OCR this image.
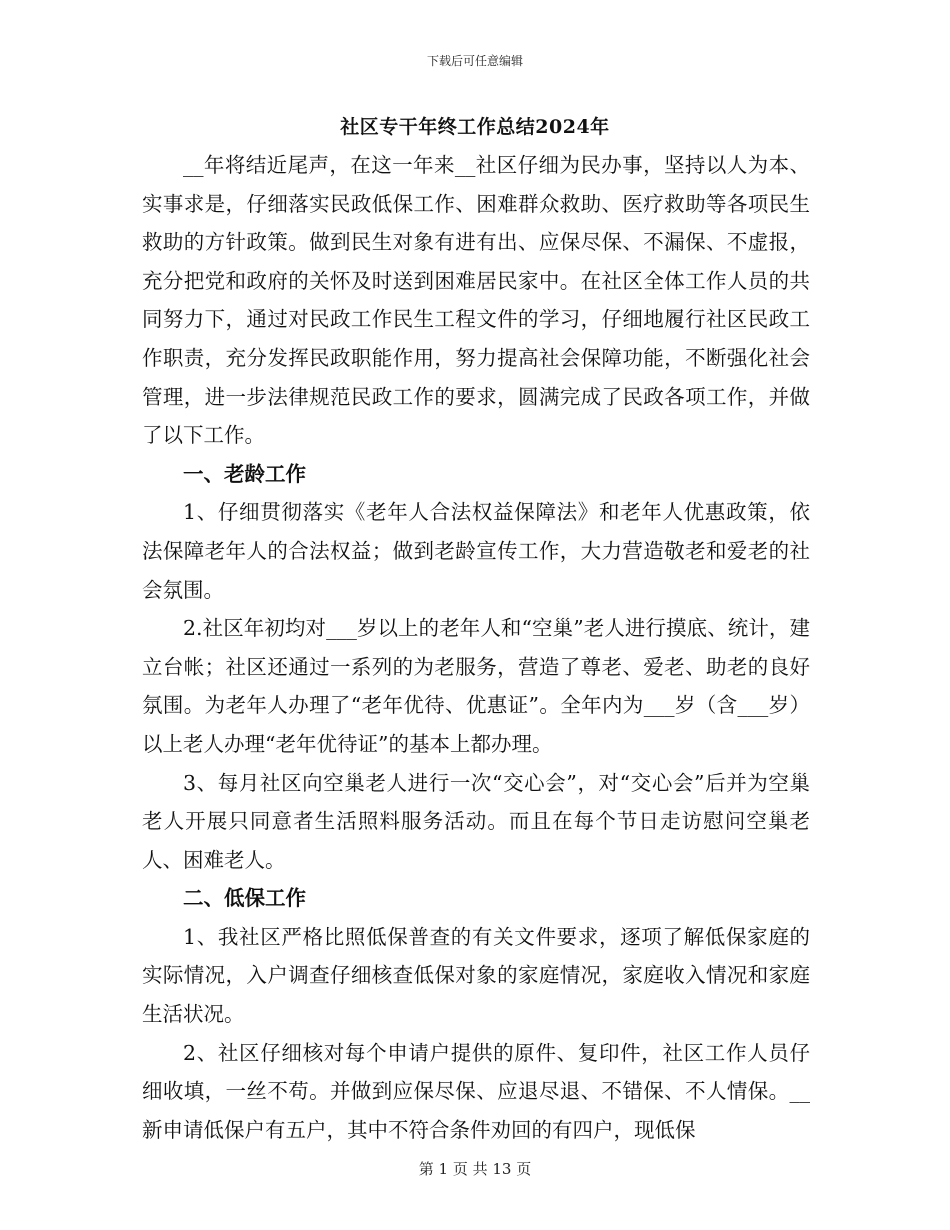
下载后可任意编辑
社区专干年终工作总结2024年

__年将结近尾声，在这一年来__社区仔细为民办事，坚持以人为本、实事求是，仔细落实民政低保工作、困难群众救助、医疗救助等各项民生救助的方针政策。做到民生对象有进有出、应保尽保、不漏保、不虚报，充分把党和政府的关怀及时送到困难居民家中。在社区全体工作人员的共同努力下，通过对民政工作民生工程文件的学习，仔细地履行社区民政工作职责，充分发挥民政职能作用，努力提高社会保障功能，不断强化社会管理，进一步法律规范民政工作的要求，圆满完成了民政各项工作，并做了以下工作。

一、老龄工作

1、仔细贯彻落实《老年人合法权益保障法》和老年人优惠政策，依法保障老年人的合法权益；做到老龄宣传工作，大力营造敬老和爱老的社会氛围。

2.社区年初均对___岁以上的老年人和“空巢”老人进行摸底、统计，建立台帐；社区还通过一系列的为老服务，营造了尊老、爱老、助老的良好氛围。为老年人办理了“老年优待、优惠证”。全年内为___岁（含___岁）以上老人办理“老年优待证”的基本上都办理。

3、每月社区向空巢老人进行一次“交心会”，对“交心会”后并为空巢老人开展只同意者生活照料服务活动。而且在每个节日走访慰问空巢老人、困难老人。

二、低保工作

1、我社区严格比照低保普查的有关文件要求，逐项了解低保家庭的实际情况，入户调查仔细核查低保对象的家庭情况，家庭收入情况和家庭生活状况。

2、社区仔细核对每个申请户提供的原件、复印件，社区工作人员仔细收填，一丝不苟。并做到应保尽保、应退尽退、不错保、不人情保。__新申请低保户有五户，其中不符合条件劝回的有四户，现低保

第 1 页 共 13 页
